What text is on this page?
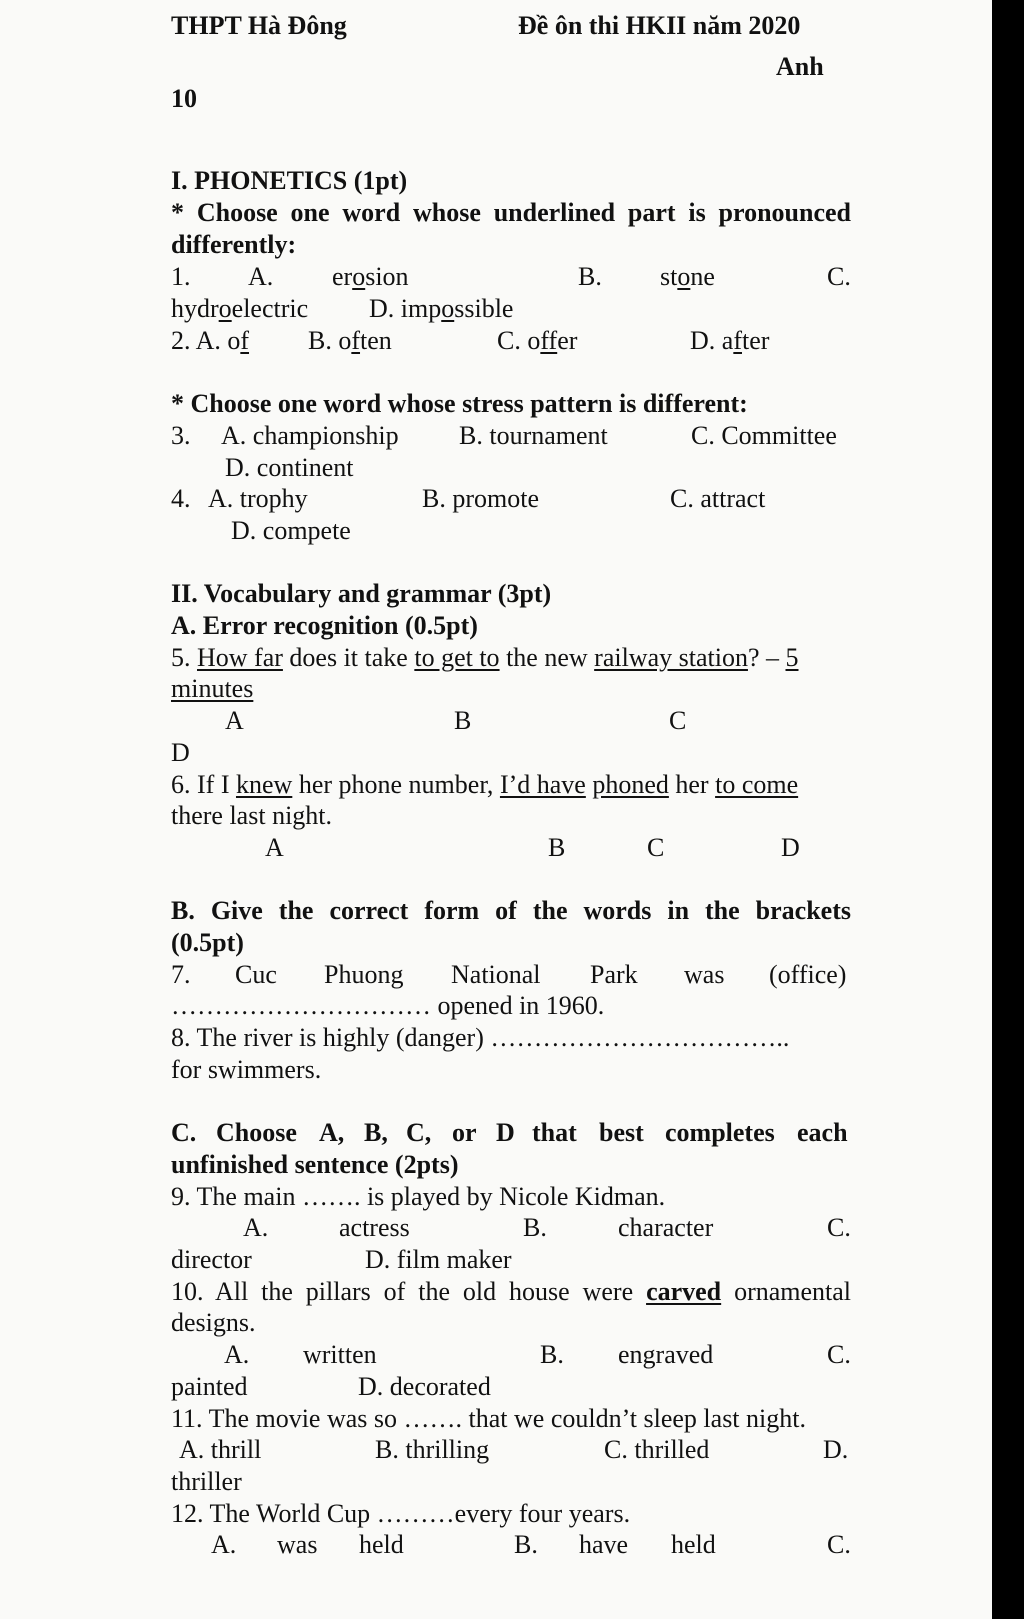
THPT Hà Đông	Đề ôn thi HKII năm 2020
Anh
10
I. PHONETICS (1pt)
* Choose one word whose underlined part is pronounced
differently:
1. A. erosion	B. stone	C.
hydroelectric D. impossible
2. A. of B. often	C. offer	D. after
* Choose one word whose stress pattern is different:
3. A. championship B. tournament	C. Committee
D. continent
4. A. trophy	B. promote	C. attract
D. compete
II. Vocabulary and grammar (3pt)
A. Error recognition (0.5pt)
5. How far does it take to get to the new railway station? – 5
minutes
A	B	C
D
6. If I knew her phone number, I’d have phoned her to come
there last night.
A	B	C	D
B. Give the correct form of the words in the brackets
(0.5pt)
7. Cuc Phuong National Park was (office)
………………………… opened in 1960.
8. The river is highly (danger) ……………………………..
for swimmers.
C. Choose A, B, C, or D that best completes each
unfinished sentence (2pts)
9. The main ……. is played by Nicole Kidman.
A.	actress	B.	character	C.
director	D. film maker
10. All the pillars of the old house were carved ornamental
designs.
A. written	B. engraved	C.
painted	D. decorated
11. The movie was so ……. that we couldn’t sleep last night.
A. thrill	B. thrilling	C. thrilled	D.
thriller
12. The World Cup ………every four years.
A. was held	B. have held	C.
